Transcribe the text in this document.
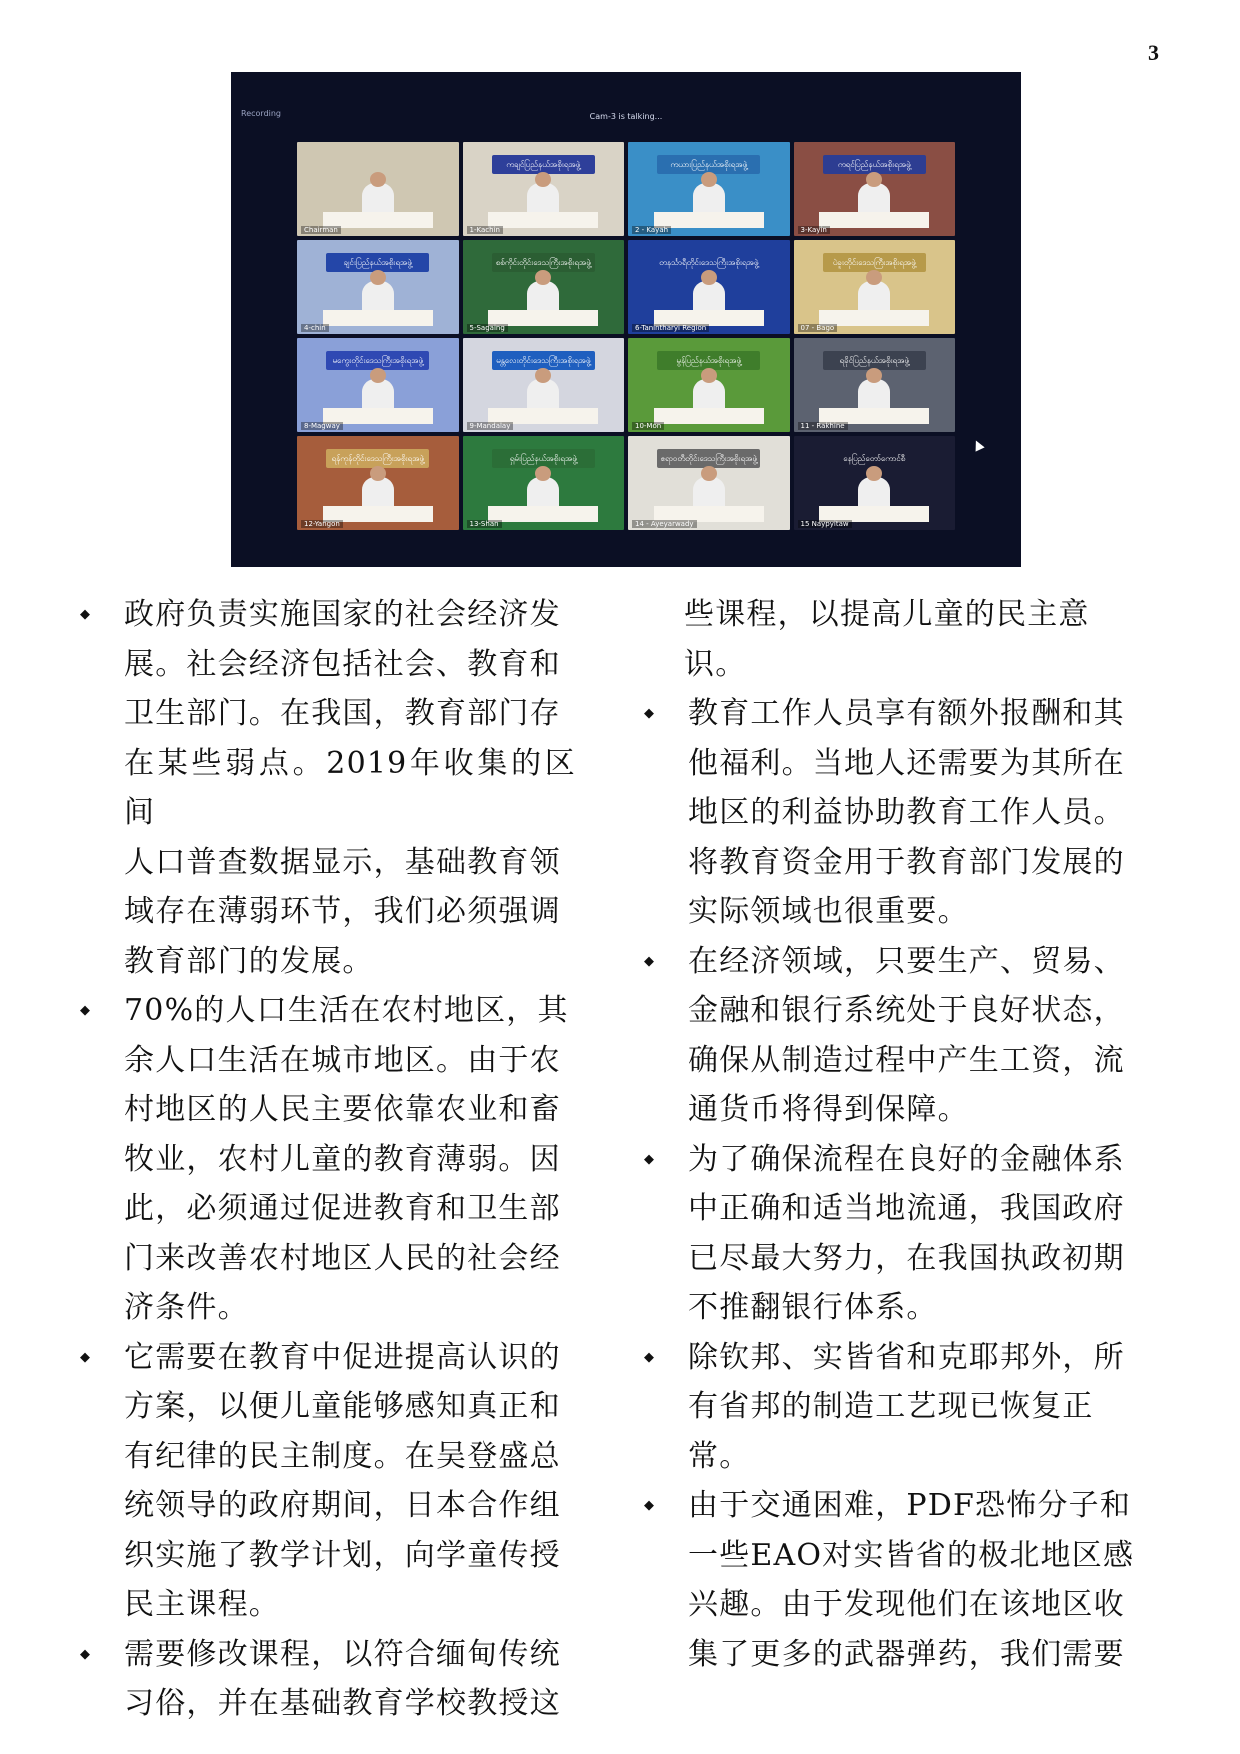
3
Recording	Cam-3 is talking...
Chairman
ကချင်ပြည်နယ်အစိုးရအဖွဲ့
1-Kachin
ကယားပြည်နယ်အစိုးရအဖွဲ့
2 - Kayah
ကရင်ပြည်နယ်အစိုးရအဖွဲ့
3-Kayin
ချင်းပြည်နယ်အစိုးရအဖွဲ့
4-chin
စစ်ကိုင်းတိုင်းဒေသကြီးအစိုးရအဖွဲ့
5-Sagaing
တနင်္သာရီတိုင်းဒေသကြီးအစိုးရအဖွဲ့
6-Tanintharyi Region
ပဲခူးတိုင်းဒေသကြီးအစိုးရအဖွဲ့
07 - Bago
မကွေးတိုင်းဒေသကြီးအစိုးရအဖွဲ့
8-Magway
မန္တလေးတိုင်းဒေသကြီးအစိုးရအဖွဲ့
9-Mandalay
မွန်ပြည်နယ်အစိုးရအဖွဲ့
10-Mon
ရခိုင်ပြည်နယ်အစိုးရအဖွဲ့
11 - Rakhine
ရန်ကုန်တိုင်းဒေသကြီးအစိုးရအဖွဲ့
12-Yangon
ရှမ်းပြည်နယ်အစိုးရအဖွဲ့
13-Shan
ဧရာဝတီတိုင်းဒေသကြီးအစိုးရအဖွဲ့
14 - Ayeyarwady
နေပြည်တော်ကောင်စီ
15 Naypyitaw
◆	政府负责实施国家的社会经济发
展。社会经济包括社会、教育和
卫生部门。在我国，教育部门存
在某些弱点。2019年收集的区间
人口普查数据显示，基础教育领
域存在薄弱环节，我们必须强调
教育部门的发展。
◆	70%的人口生活在农村地区，其
余人口生活在城市地区。由于农
村地区的人民主要依靠农业和畜
牧业，农村儿童的教育薄弱。因
此，必须通过促进教育和卫生部
门来改善农村地区人民的社会经
济条件。
◆	它需要在教育中促进提高认识的
方案，以便儿童能够感知真正和
有纪律的民主制度。在吴登盛总
统领导的政府期间，日本合作组
织实施了教学计划，向学童传授
民主课程。
◆	需要修改课程，以符合缅甸传统
习俗，并在基础教育学校教授这
些课程，以提高儿童的民主意
识。
◆	教育工作人员享有额外报酬和其
他福利。当地人还需要为其所在
地区的利益协助教育工作人员。
将教育资金用于教育部门发展的
实际领域也很重要。
◆	在经济领域，只要生产、贸易、
金融和银行系统处于良好状态，
确保从制造过程中产生工资，流
通货币将得到保障。
◆	为了确保流程在良好的金融体系
中正确和适当地流通，我国政府
已尽最大努力，在我国执政初期
不推翻银行体系。
◆	除钦邦、实皆省和克耶邦外，所
有省邦的制造工艺现已恢复正
常。
◆	由于交通困难，PDF恐怖分子和
一些EAO对实皆省的极北地区感
兴趣。由于发现他们在该地区收
集了更多的武器弹药，我们需要
